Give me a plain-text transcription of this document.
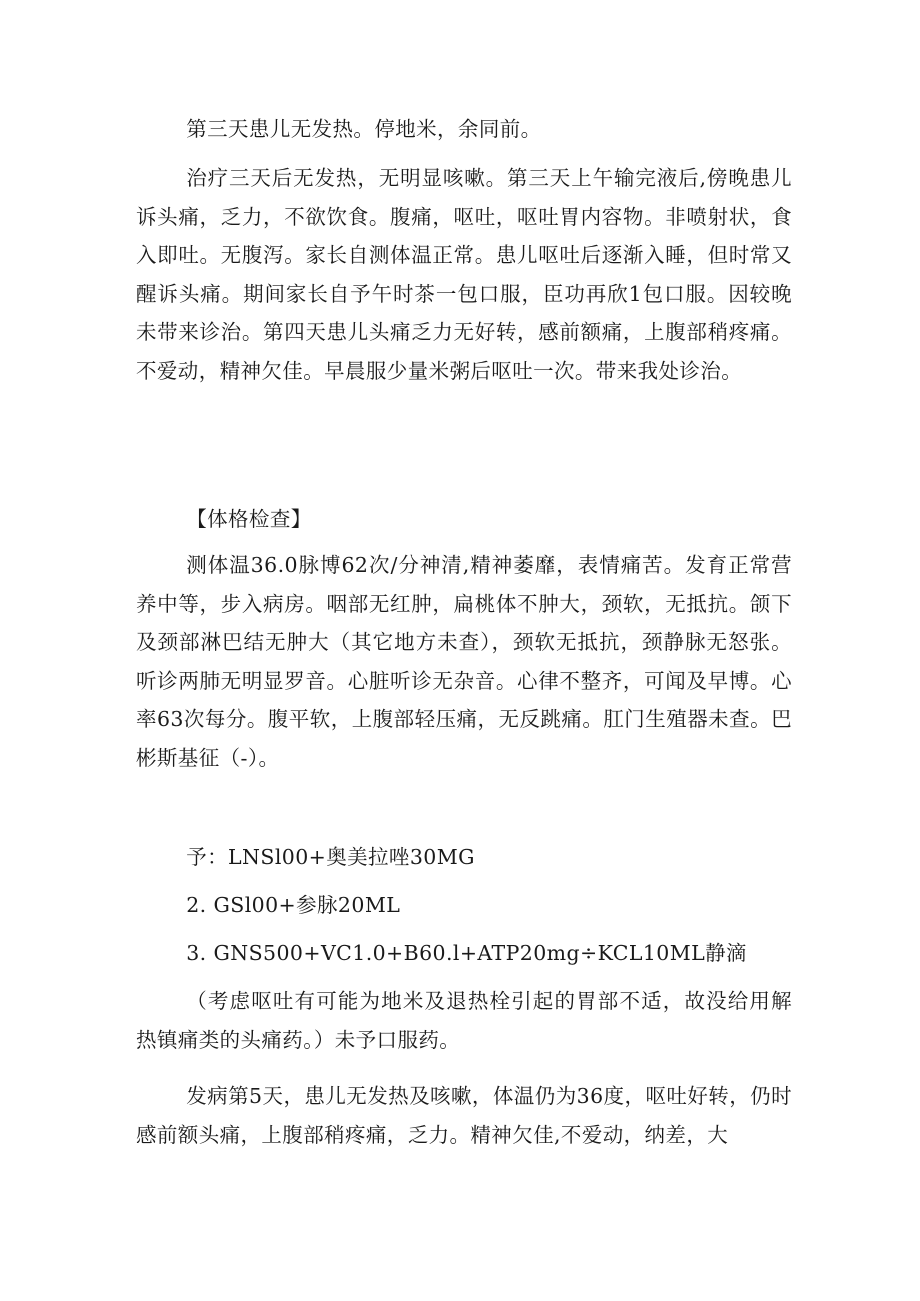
第三天患儿无发热。停地米，余同前。

治疗三天后无发热，无明显咳嗽。第三天上午输完液后,傍晚患儿诉头痛，乏力，不欲饮食。腹痛，呕吐，呕吐胃内容物。非喷射状，食入即吐。无腹泻。家长自测体温正常。患儿呕吐后逐渐入睡，但时常又醒诉头痛。期间家长自予午时茶一包口服，臣功再欣1包口服。因较晚未带来诊治。第四天患儿头痛乏力无好转，感前额痛，上腹部稍疼痛。不爱动，精神欠佳。早晨服少量米粥后呕吐一次。带来我处诊治。

【体格检查】

测体温36.0脉博62次/分神清,精神萎靡，表情痛苦。发育正常营养中等，步入病房。咽部无红肿，扁桃体不肿大，颈软，无抵抗。颌下及颈部淋巴结无肿大（其它地方未查），颈软无抵抗，颈静脉无怒张。听诊两肺无明显罗音。心脏听诊无杂音。心律不整齐，可闻及早博。心率63次每分。腹平软，上腹部轻压痛，无反跳痛。肛门生殖器未查。巴彬斯基征（-）。

予：LNSl00+奥美拉唑30MG

2. GSl00+参脉20ML

3. GNS500+VC1.0+B60.l+ATP20mg÷KCL10ML静滴

（考虑呕吐有可能为地米及退热栓引起的胃部不适，故没给用解热镇痛类的头痛药。）未予口服药。

发病第5天，患儿无发热及咳嗽，体温仍为36度，呕吐好转，仍时感前额头痛，上腹部稍疼痛，乏力。精神欠佳,不爱动，纳差，大
